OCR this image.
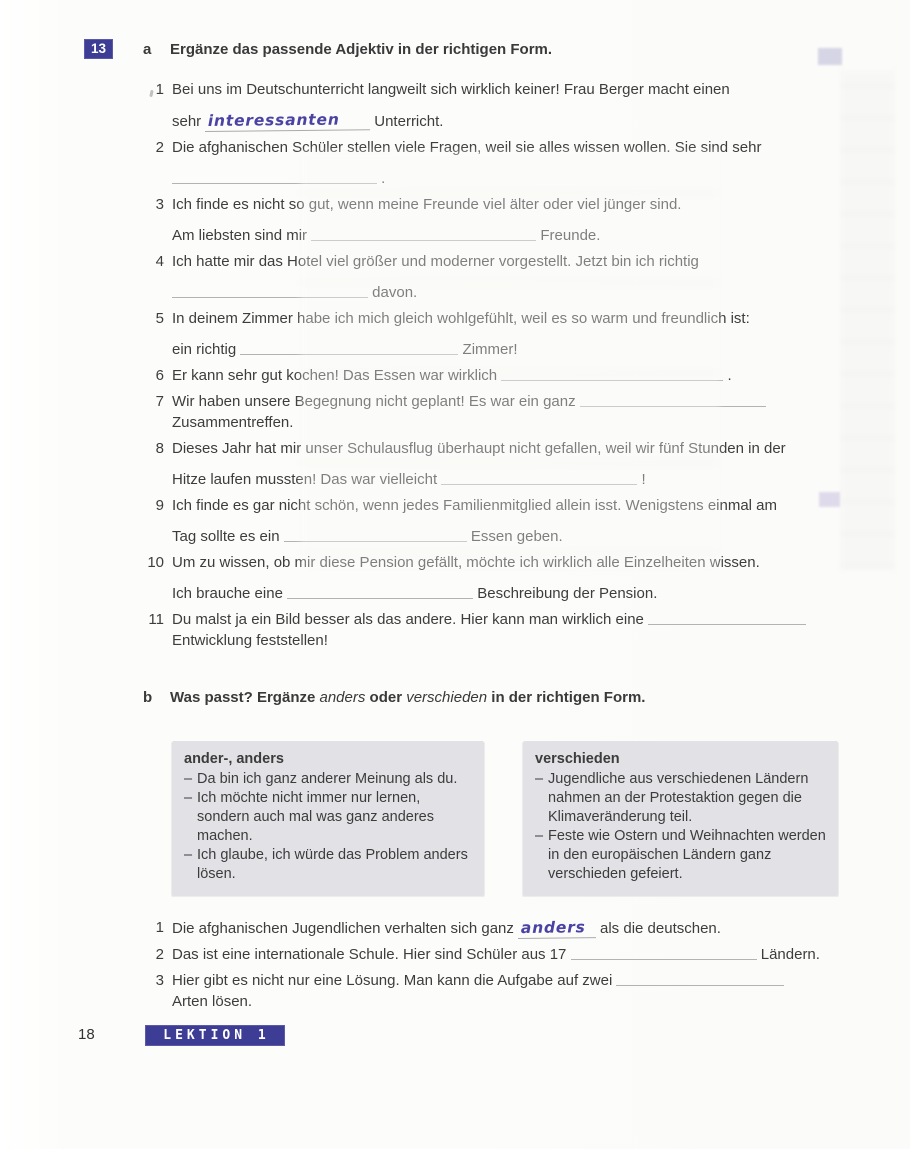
13	a	Ergänze das passende Adjektiv in der richtigen Form.
1 Bei uns im Deutschunterricht langweilt sich wirklich keiner! Frau Berger macht einen
sehr interessanten Unterricht.
2 Die afghanischen Schüler stellen viele Fragen, weil sie alles wissen wollen. Sie sind sehr
.
3 Ich finde es nicht so gut, wenn meine Freunde viel älter oder viel jünger sind.
Am liebsten sind mir	Freunde.
4 Ich hatte mir das Hotel viel größer und moderner vorgestellt. Jetzt bin ich richtig
davon.
5 In deinem Zimmer habe ich mich gleich wohlgefühlt, weil es so warm und freundlich ist:
ein richtig	Zimmer!
6 Er kann sehr gut kochen! Das Essen war wirklich	.
7 Wir haben unsere Begegnung nicht geplant! Es war ein ganz
Zusammentreffen.
8 Dieses Jahr hat mir unser Schulausflug überhaupt nicht gefallen, weil wir fünf Stunden in der
Hitze laufen mussten! Das war vielleicht	!
9 Ich finde es gar nicht schön, wenn jedes Familienmitglied allein isst. Wenigstens einmal am
Tag sollte es ein	Essen geben.
10 Um zu wissen, ob mir diese Pension gefällt, möchte ich wirklich alle Einzelheiten wissen.
Ich brauche eine	Beschreibung der Pension.
11 Du malst ja ein Bild besser als das andere. Hier kann man wirklich eine
Entwicklung feststellen!
b	Was passt? Ergänze anders oder verschieden in der richtigen Form.
ander-, anders
– Da bin ich ganz anderer Meinung als du.
– Ich möchte nicht immer nur lernen, sondern auch mal was ganz anderes machen.
– Ich glaube, ich würde das Problem anders lösen.
verschieden
– Jugendliche aus verschiedenen Ländern nahmen an der Protestaktion gegen die Klimaveränderung teil.
– Feste wie Ostern und Weihnachten werden in den europäischen Ländern ganz verschieden gefeiert.
1 Die afghanischen Jugendlichen verhalten sich ganz anders als die deutschen.
2 Das ist eine internationale Schule. Hier sind Schüler aus 17	Ländern.
3 Hier gibt es nicht nur eine Lösung. Man kann die Aufgabe auf zwei
Arten lösen.
18	LEKTION 1
